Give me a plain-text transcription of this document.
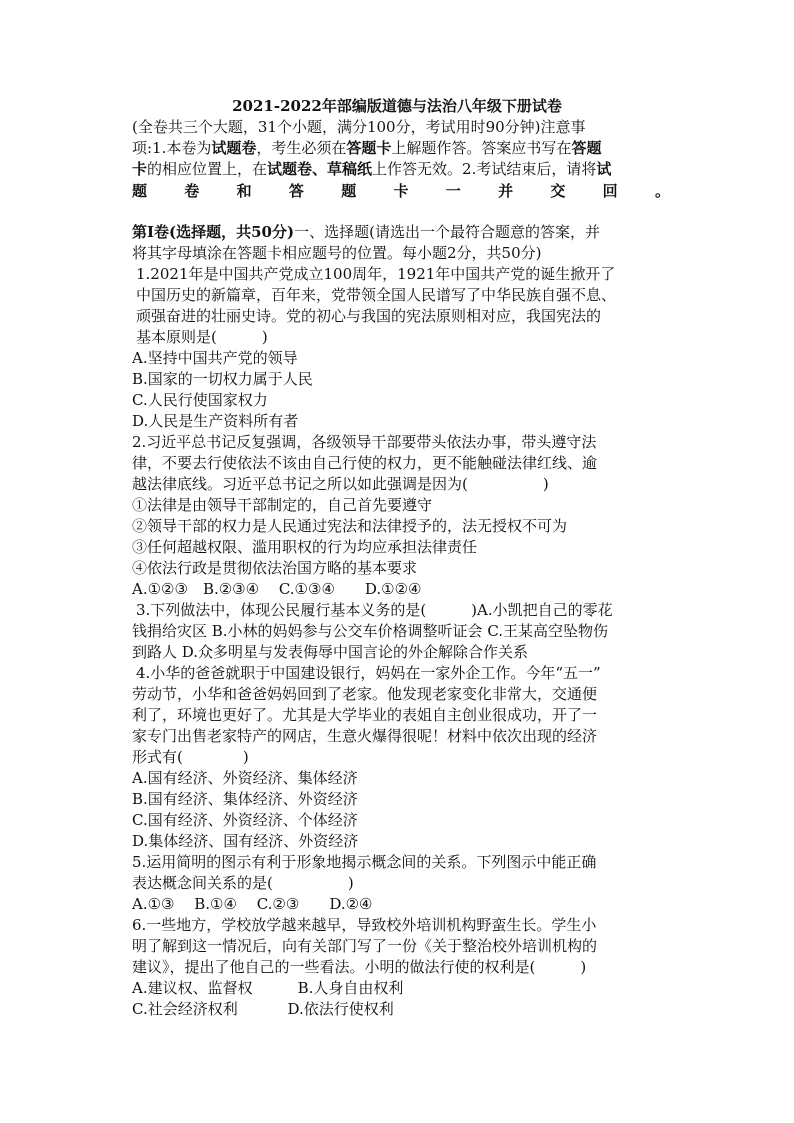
2021-2022年部编版道德与法治八年级下册试卷
(全卷共三个大题，31个小题，满分100分，考试用时90分钟)注意事
项:1.本卷为试题卷，考生必须在答题卡上解题作答。答案应书写在答题
卡的相应位置上，在试题卷、草稿纸上作答无效。2.考试结束后，请将试
题 卷 和 答 题 卡 一 并 交 回 。
第Ⅰ卷(选择题，共50分)一、选择题(请选出一个最符合题意的答案，并
将其字母填涂在答题卡相应题号的位置。每小题2分，共50分)
1.2021年是中国共产党成立100周年，1921年中国共产党的诞生掀开了
中国历史的新篇章，百年来，党带领全国人民谱写了中华民族自强不息、
顽强奋进的壮丽史诗。党的初心与我国的宪法原则相对应，我国宪法的
基本原则是(　　　)
A.坚持中国共产党的领导
B.国家的一切权力属于人民
C.人民行使国家权力
D.人民是生产资料所有者
2.习近平总书记反复强调，各级领导干部要带头依法办事，带头遵守法
律，不要去行使依法不该由自己行使的权力，更不能触碰法律红线、逾
越法律底线。习近平总书记之所以如此强调是因为(　　　　　)
①法律是由领导干部制定的，自己首先要遵守
②领导干部的权力是人民通过宪法和法律授予的，法无授权不可为
③任何超越权限、滥用职权的行为均应承担法律责任
④依法行政是贯彻依法治国方略的基本要求
A.①②③　B.②③④　 C.①③④　　D.①②④
3.下列做法中，体现公民履行基本义务的是(　　　)A.小凯把自己的零花
钱捐给灾区 B.小林的妈妈参与公交车价格调整听证会 C.王某高空坠物伤
到路人 D.众多明星与发表侮辱中国言论的外企解除合作关系
4.小华的爸爸就职于中国建设银行，妈妈在一家外企工作。今年“五一”
劳动节，小华和爸爸妈妈回到了老家。他发现老家变化非常大，交通便
利了，环境也更好了。尤其是大学毕业的表姐自主创业很成功，开了一
家专门出售老家特产的网店，生意火爆得很呢！材料中依次出现的经济
形式有(　　　　)
A.国有经济、外资经济、集体经济
B.国有经济、集体经济、外资经济
C.国有经济、外资经济、个体经济
D.集体经济、国有经济、外资经济
5.运用简明的图示有利于形象地揭示概念间的关系。下列图示中能正确
表达概念间关系的是(　　　　　)
A.①③　 B.①④　 C.②③　　D.②④
6.一些地方，学校放学越来越早，导致校外培训机构野蛮生长。学生小
明了解到这一情况后，向有关部门写了一份《关于整治校外培训机构的
建议》，提出了他自己的一些看法。小明的做法行使的权利是(　　　)
A.建议权、监督权　　　B.人身自由权利
C.社会经济权利　　　 D.依法行使权利
